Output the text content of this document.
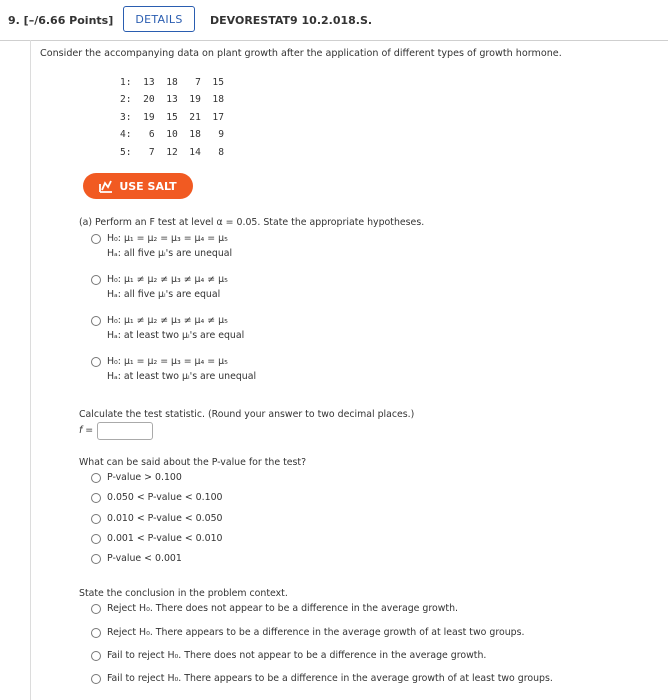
9. [–/6.66 Points]	DETAILS	DEVORESTAT9 10.2.018.S.
Consider the accompanying data on plant growth after the application of different types of growth hormone.
1:  13  18   7  15
2:  20  13  19  18
3:  19  15  21  17
4:   6  10  18   9
5:   7  12  14   8
USE SALT
(a) Perform an F test at level α = 0.05. State the appropriate hypotheses.
H₀: μ₁ = μ₂ = μ₃ = μ₄ = μ₅
Hₐ: all five μᵢ's are unequal
H₀: μ₁ ≠ μ₂ ≠ μ₃ ≠ μ₄ ≠ μ₅
Hₐ: all five μᵢ's are equal
H₀: μ₁ ≠ μ₂ ≠ μ₃ ≠ μ₄ ≠ μ₅
Hₐ: at least two μᵢ's are equal
H₀: μ₁ = μ₂ = μ₃ = μ₄ = μ₅
Hₐ: at least two μᵢ's are unequal
Calculate the test statistic. (Round your answer to two decimal places.)
f =
What can be said about the P-value for the test?
P-value > 0.100
0.050 < P-value < 0.100
0.010 < P-value < 0.050
0.001 < P-value < 0.010
P-value < 0.001
State the conclusion in the problem context.
Reject H₀. There does not appear to be a difference in the average growth.
Reject H₀. There appears to be a difference in the average growth of at least two groups.
Fail to reject H₀. There does not appear to be a difference in the average growth.
Fail to reject H₀. There appears to be a difference in the average growth of at least two groups.
